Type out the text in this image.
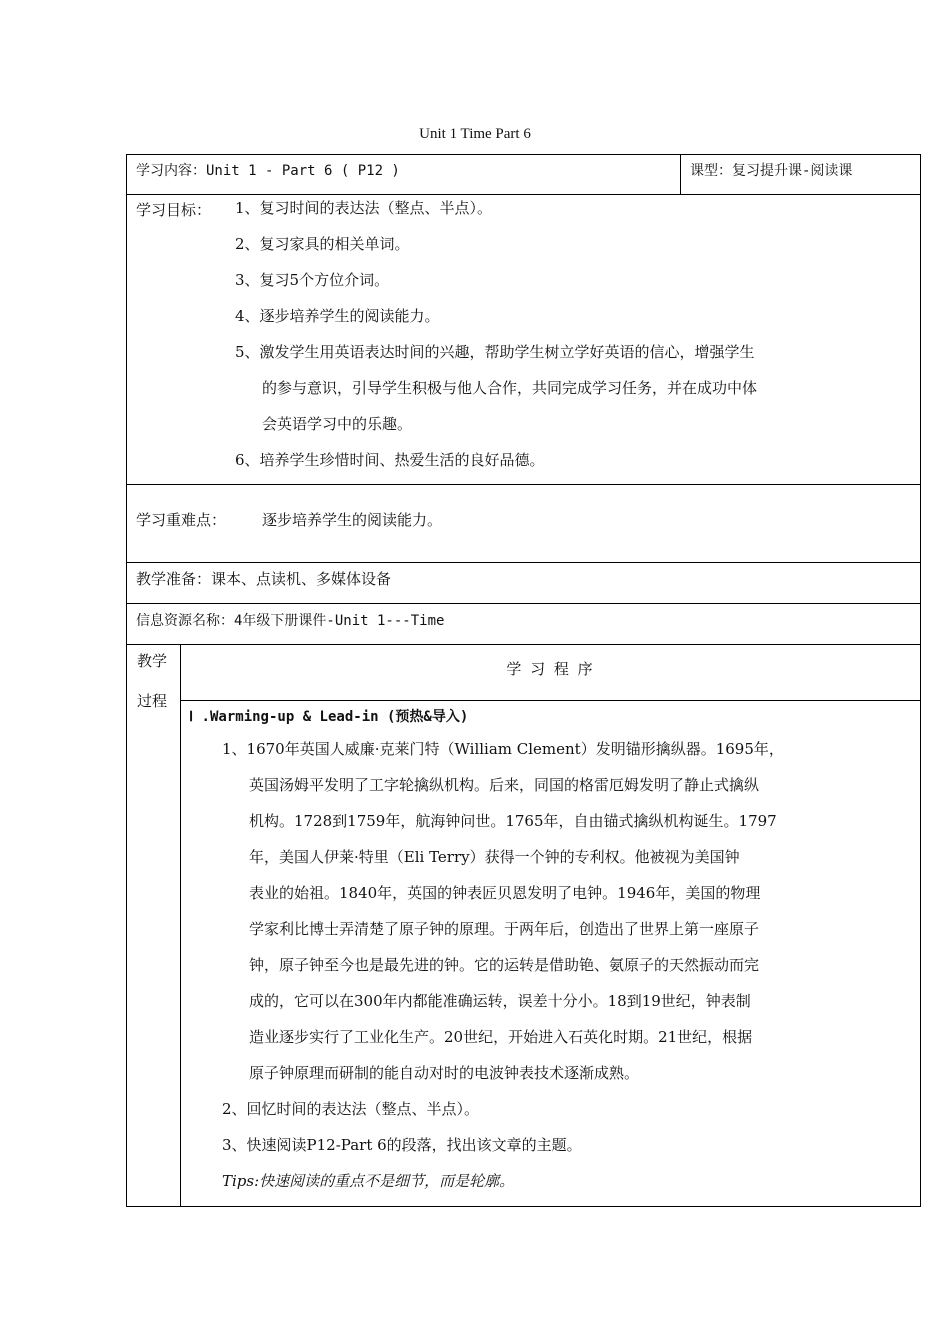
Unit 1 Time Part 6
学习内容：Unit 1 - Part 6 ( P12 )	课型：复习提升课-阅读课
学习目标： 1、复习时间的表达法（整点、半点）。
2、复习家具的相关单词。
3、复习5个方位介词。
4、逐步培养学生的阅读能力。
5、激发学生用英语表达时间的兴趣，帮助学生树立学好英语的信心，增强学生
的参与意识，引导学生积极与他人合作，共同完成学习任务，并在成功中体
会英语学习中的乐趣。
6、培养学生珍惜时间、热爱生活的良好品德。
学习重难点： 逐步培养学生的阅读能力。
教学准备：课本、点读机、多媒体设备
信息资源名称：4年级下册课件-Unit 1---Time
教学
过程
学 习 程 序
Ⅰ .Warming-up & Lead-in (预热&导入)
1、1670年英国人威廉·克莱门特（William Clement）发明锚形擒纵器。1695年，
英国汤姆平发明了工字轮擒纵机构。后来，同国的格雷厄姆发明了静止式擒纵
机构。1728到1759年，航海钟问世。1765年，自由锚式擒纵机构诞生。1797
年，美国人伊莱·特里（Eli Terry）获得一个钟的专利权。他被视为美国钟
表业的始祖。1840年，英国的钟表匠贝恩发明了电钟。1946年，美国的物理
学家利比博士弄清楚了原子钟的原理。于两年后，创造出了世界上第一座原子
钟，原子钟至今也是最先进的钟。它的运转是借助铯、氨原子的天然振动而完
成的，它可以在300年内都能准确运转，误差十分小。18到19世纪，钟表制
造业逐步实行了工业化生产。20世纪，开始进入石英化时期。21世纪，根据
原子钟原理而研制的能自动对时的电波钟表技术逐渐成熟。
2、回忆时间的表达法（整点、半点）。
3、快速阅读P12-Part 6的段落，找出该文章的主题。
Tips:快速阅读的重点不是细节，而是轮廓。
